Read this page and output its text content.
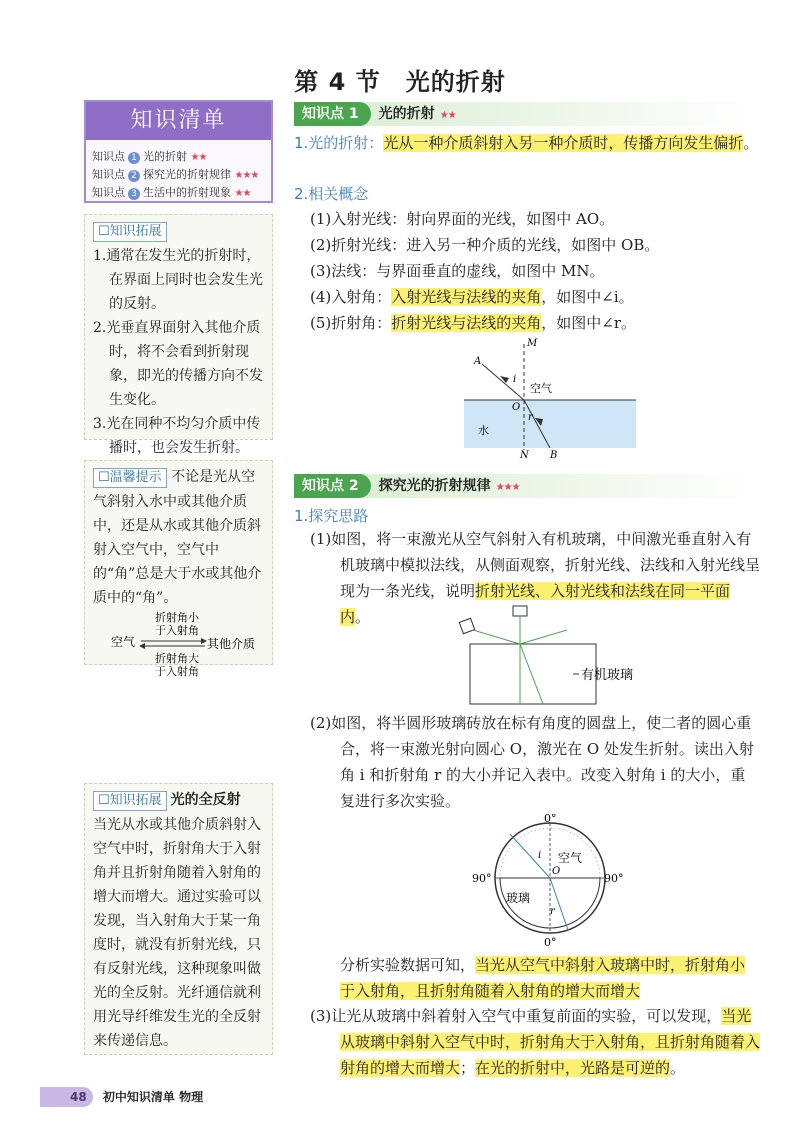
第 4 节　光的折射
知识清单
知识点 1 光的折射 ★★
知识点 2 探究光的折射规律 ★★★
知识点 3 生活中的折射现象 ★★
☐知识拓展
1.通常在发生光的折射时，在界面上同时也会发生光的反射。
2.光垂直界面射入其他介质时，将不会看到折射现象，即光的传播方向不发生变化。
3.光在同种不均匀介质中传播时，也会发生折射。
☐温馨提示 不论是光从空气斜射入水中或其他介质中，还是从水或其他介质斜射入空气中，空气中的“角”总是大于水或其他介质中的“角”。
折射角小
于入射角
空气	其他介质
折射角大
于入射角
☐知识拓展 光的全反射
当光从水或其他介质斜射入空气中时，折射角大于入射角并且折射角随着入射角的增大而增大。通过实验可以发现，当入射角大于某一角度时，就没有折射光线，只有反射光线，这种现象叫做光的全反射。光纤通信就利用光导纤维发生光的全反射来传递信息。
知识点 1 光的折射 ★★
1.光的折射：光从一种介质斜射入另一种介质时，传播方向发生偏折。
2.相关概念
(1)入射光线：射向界面的光线，如图中 AO。
(2)折射光线：进入另一种介质的光线，如图中 OB。
(3)法线：与界面垂直的虚线，如图中 MN。
(4)入射角：入射光线与法线的夹角，如图中∠i。
(5)折射角：折射光线与法线的夹角，如图中∠r。
M
A
i
空气
O
r
水
N B
知识点 2 探究光的折射规律 ★★★
1.探究思路
(1)如图，将一束激光从空气斜射入有机玻璃，中间激光垂直射入有机玻璃中模拟法线，从侧面观察，折射光线、法线和入射光线呈现为一条光线，说明折射光线、入射光线和法线在同一平面内。
有机玻璃
(2)如图，将半圆形玻璃砖放在标有角度的圆盘上，使二者的圆心重合，将一束激光射向圆心 O，激光在 O 处发生折射。读出入射角 i 和折射角 r 的大小并记入表中。改变入射角 i 的大小，重复进行多次实验。
0°
0°
90°	90°
i 空气
O
玻璃
r
分析实验数据可知，当光从空气中斜射入玻璃中时，折射角小于入射角，且折射角随着入射角的增大而增大
(3)让光从玻璃中斜着射入空气中重复前面的实验，可以发现，当光从玻璃中斜射入空气中时，折射角大于入射角，且折射角随着入射角的增大而增大；在光的折射中，光路是可逆的。
48 初中知识清单 物理
